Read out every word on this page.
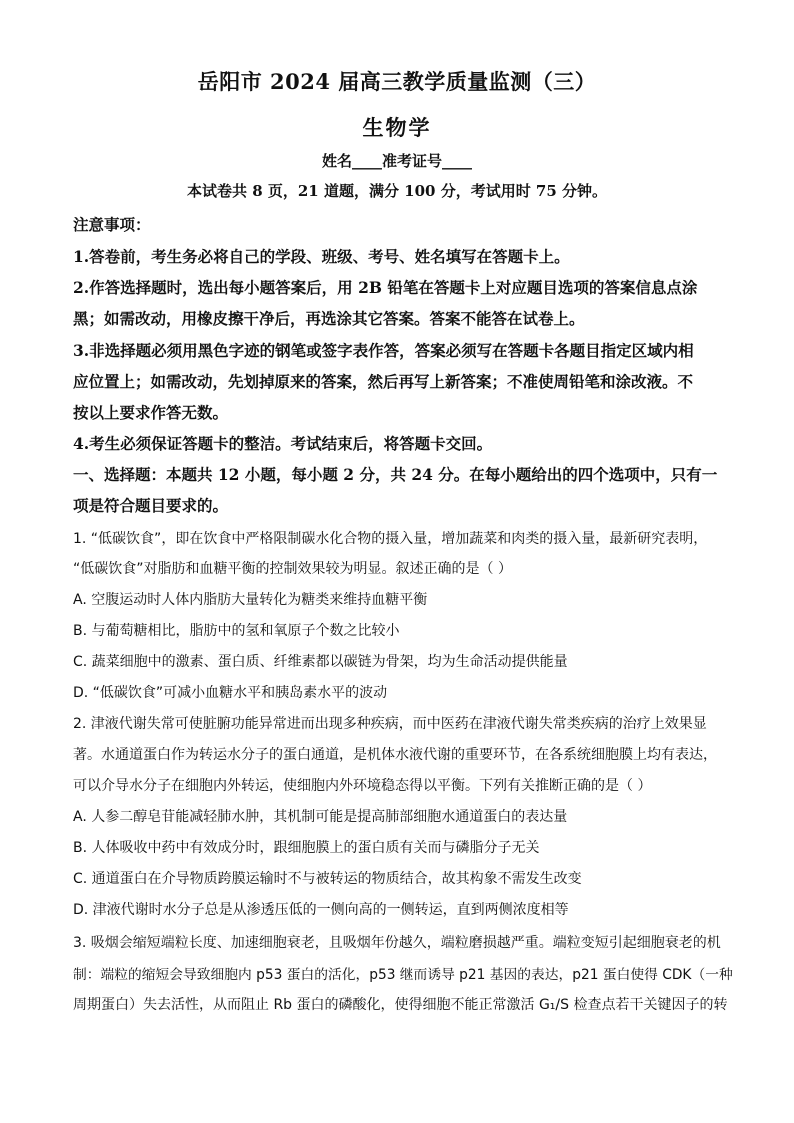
岳阳市 2024 届高三教学质量监测（三）
生物学
姓名____准考证号____
本试卷共 8 页，21 道题，满分 100 分，考试用时 75 分钟。
注意事项：
1.答卷前，考生务必将自己的学段、班级、考号、姓名填写在答题卡上。
2.作答选择题时，选出每小题答案后，用 2B 铅笔在答题卡上对应题目选项的答案信息点涂
黑；如需改动，用橡皮擦干净后，再选涂其它答案。答案不能答在试卷上。
3.非选择题必须用黑色字迹的钢笔或签字表作答，答案必须写在答题卡各题目指定区域内相
应位置上；如需改动，先划掉原来的答案，然后再写上新答案；不准使周铅笔和涂改液。不
按以上要求作答无数。
4.考生必须保证答题卡的整洁。考试结束后，将答题卡交回。
一、选择题：本题共 12 小题，每小题 2 分，共 24 分。在每小题给出的四个选项中，只有一
项是符合题目要求的。
1. “低碳饮食”，即在饮食中严格限制碳水化合物的摄入量，增加蔬菜和肉类的摄入量，最新研究表明，
“低碳饮食”对脂肪和血糖平衡的控制效果较为明显。叙述正确的是（ ）
A. 空腹运动时人体内脂肪大量转化为糖类来维持血糖平衡
B. 与葡萄糖相比，脂肪中的氢和氧原子个数之比较小
C. 蔬菜细胞中的激素、蛋白质、纤维素都以碳链为骨架，均为生命活动提供能量
D. “低碳饮食”可减小血糖水平和胰岛素水平的波动
2. 津液代谢失常可使脏腑功能异常进而出现多种疾病，而中医药在津液代谢失常类疾病的治疗上效果显
著。水通道蛋白作为转运水分子的蛋白通道，是机体水液代谢的重要环节，在各系统细胞膜上均有表达，
可以介导水分子在细胞内外转运，使细胞内外环境稳态得以平衡。下列有关推断正确的是（ ）
A. 人参二醇皂苷能减轻肺水肿，其机制可能是提高肺部细胞水通道蛋白的表达量
B. 人体吸收中药中有效成分时，跟细胞膜上的蛋白质有关而与磷脂分子无关
C. 通道蛋白在介导物质跨膜运输时不与被转运的物质结合，故其构象不需发生改变
D. 津液代谢时水分子总是从渗透压低的一侧向高的一侧转运，直到两侧浓度相等
3. 吸烟会缩短端粒长度、加速细胞衰老，且吸烟年份越久，端粒磨损越严重。端粒变短引起细胞衰老的机
制：端粒的缩短会导致细胞内 p53 蛋白的活化，p53 继而诱导 p21 基因的表达，p21 蛋白使得 CDK（一种
周期蛋白）失去活性，从而阻止 Rb 蛋白的磷酸化，使得细胞不能正常激活 G₁/S 检查点若干关键因子的转
